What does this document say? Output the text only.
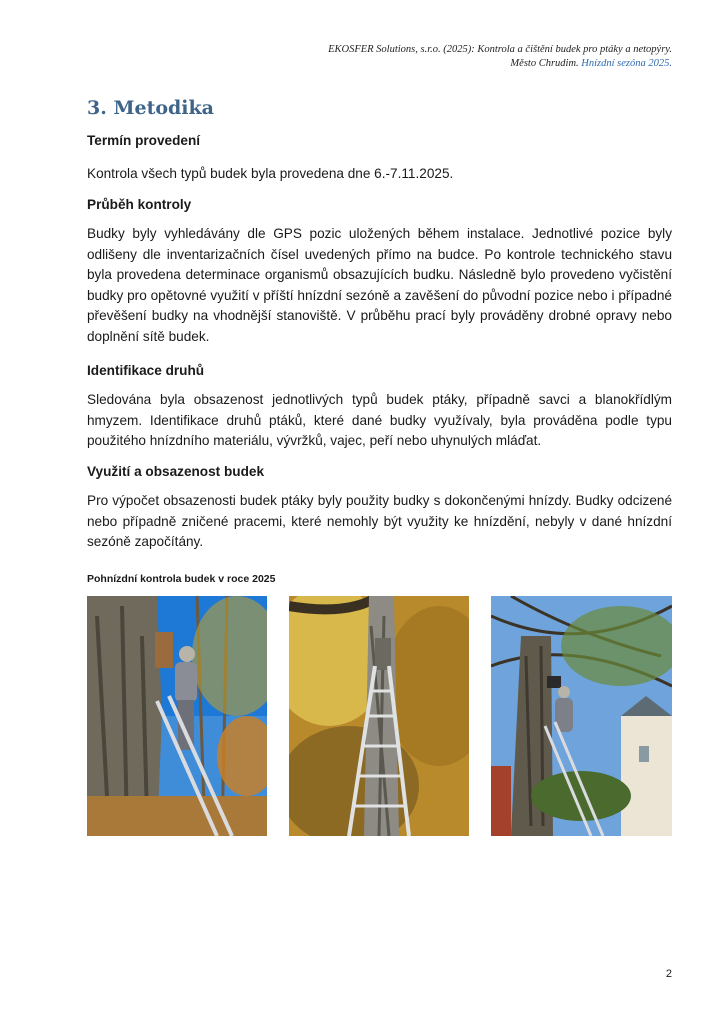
EKOSFER Solutions, s.r.o. (2025): Kontrola a čištění budek pro ptáky a netopýry.
Město Chrudim. Hnízdní sezóna 2025.
3. Metodika

Termín provedení

Kontrola všech typů budek byla provedena dne 6.-7.11.2025.

Průběh kontroly

Budky byly vyhledávány dle GPS pozic uložených během instalace. Jednotlivé pozice byly odlišeny dle inventarizačních čísel uvedených přímo na budce. Po kontrole technického stavu byla provedena determinace organismů obsazujících budku. Následně bylo provedeno vyčistění budky pro opětovné využití v příští hnízdní sezóně a zavěšení do původní pozice nebo i případné převěšení budky na vhodnější stanoviště. V průběhu prací byly prováděny drobné opravy nebo doplnění sítě budek.

Identifikace druhů

Sledována byla obsazenost jednotlivých typů budek ptáky, případně savci a blanokřídlým hmyzem. Identifikace druhů ptáků, které dané budky využívaly, byla prováděna podle typu použitého hnízdního materiálu, vývržků, vajec, peří nebo uhynulých mláďat.

Využití a obsazenost budek

Pro výpočet obsazenosti budek ptáky byly použity budky s dokončenými hnízdy. Budky odcizené nebo případně zničené pracemi, které nemohly být využity ke hnízdění, nebyly v dané hnízdní sezóně započítány.

Pohnízdní kontrola budek v roce 2025
2
